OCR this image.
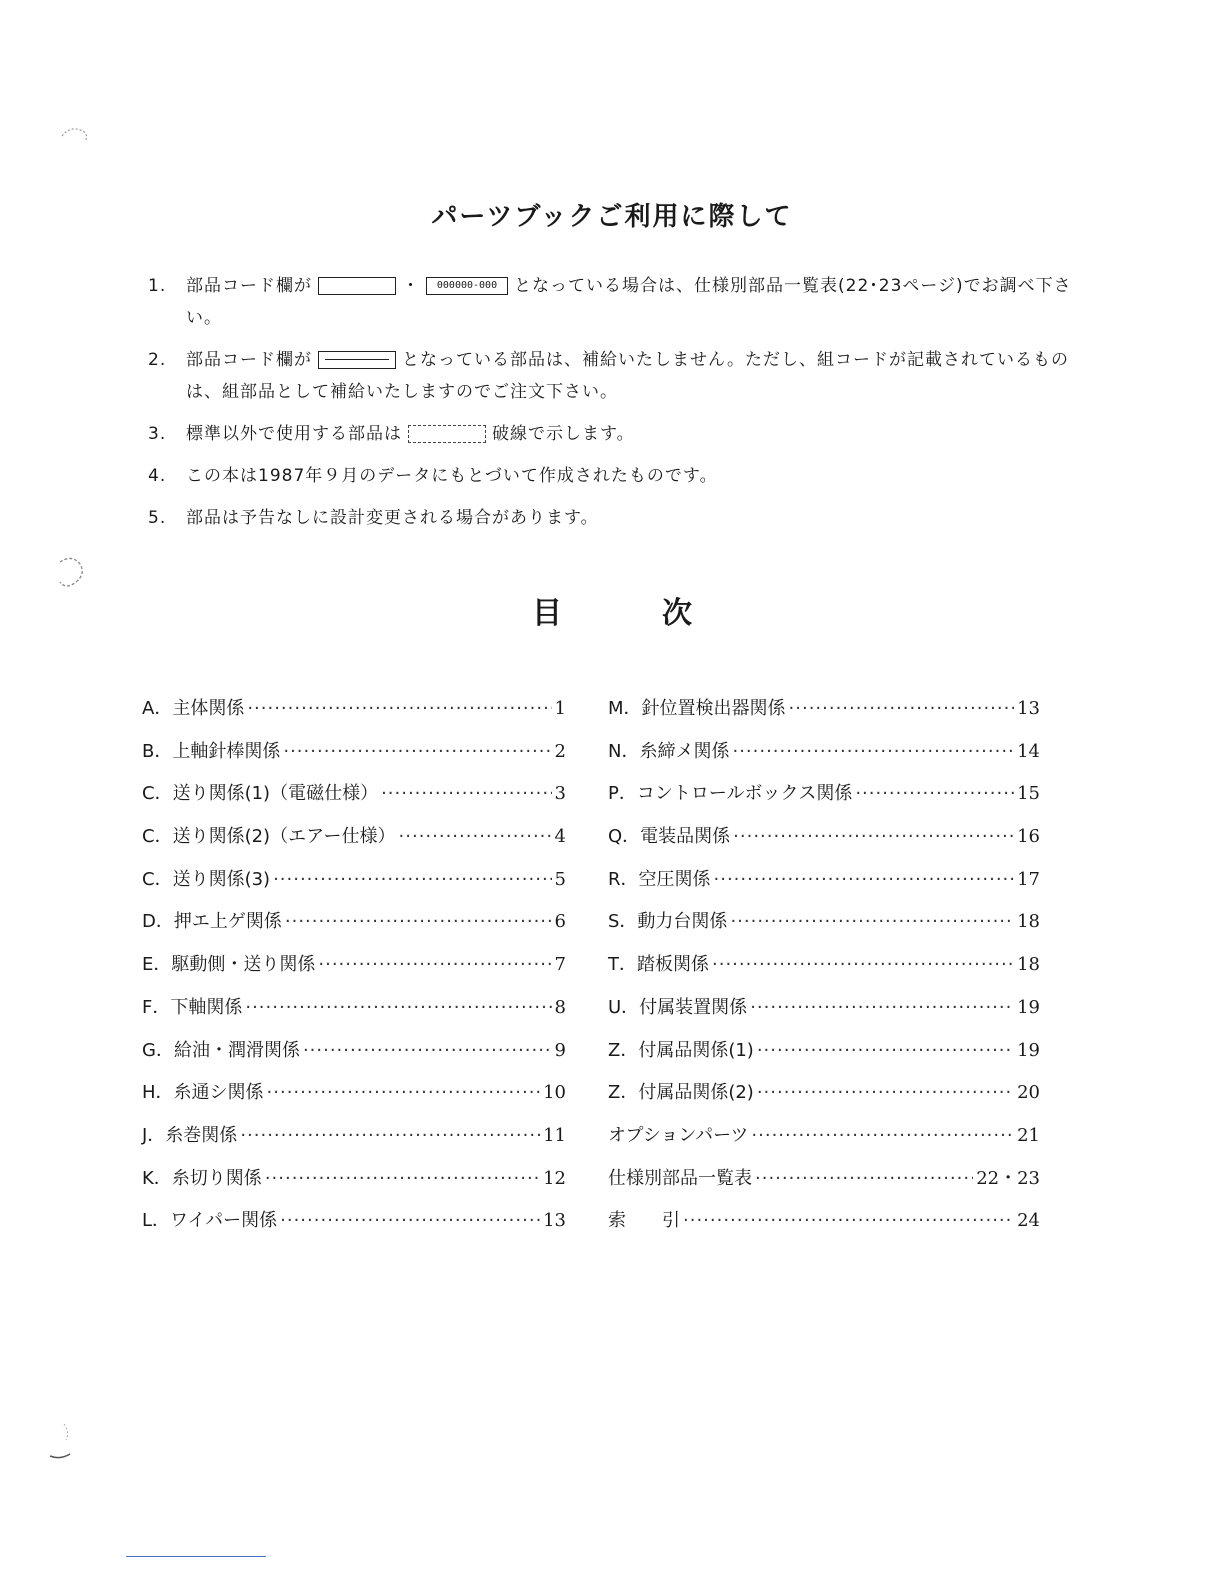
パーツブックご利用に際して
1.	部品コード欄が	・ 000000-000 となっている場合は、仕様別部品一覧表(22･23ページ)でお調べ下さい。
2.	部品コード欄が	となっている部品は、補給いたしません。ただし、組コードが記載されているものは、組部品として補給いたしますのでご注文下さい。
3.	標準以外で使用する部品は	破線で示します。
4.	この本は1987年９月のデータにもとづいて作成されたものです。
5.	部品は予告なしに設計変更される場合があります。
目次
A．主体関係 ·····	1
B．上軸針棒関係 ·····	2
C．送り関係(1)（電磁仕様） ·····	3
C．送り関係(2)（エアー仕様） ·····	4
C．送り関係(3) ·····	5
D．押エ上ゲ関係 ·····	6
E．駆動側・送り関係 ·····	7
F．下軸関係 ·····	8
G．給油・潤滑関係 ·····	9
H．糸通シ関係 ·····	10
J．糸巻関係 ·····	11
K．糸切り関係 ·····	12
L．ワイパー関係 ·····	13
M．針位置検出器関係 ·····	13
N．糸締メ関係 ·····	14
P．コントロールボックス関係 ·····	15
Q．電装品関係 ·····	16
R．空圧関係 ·····	17
S．動力台関係 ·····	18
T．踏板関係 ·····	18
U．付属装置関係 ·····	19
Z．付属品関係(1) ·····	19
Z．付属品関係(2) ·····	20
オプションパーツ ·····	21
仕様別部品一覧表 ·····	22・23
索　　引 ·····	24
